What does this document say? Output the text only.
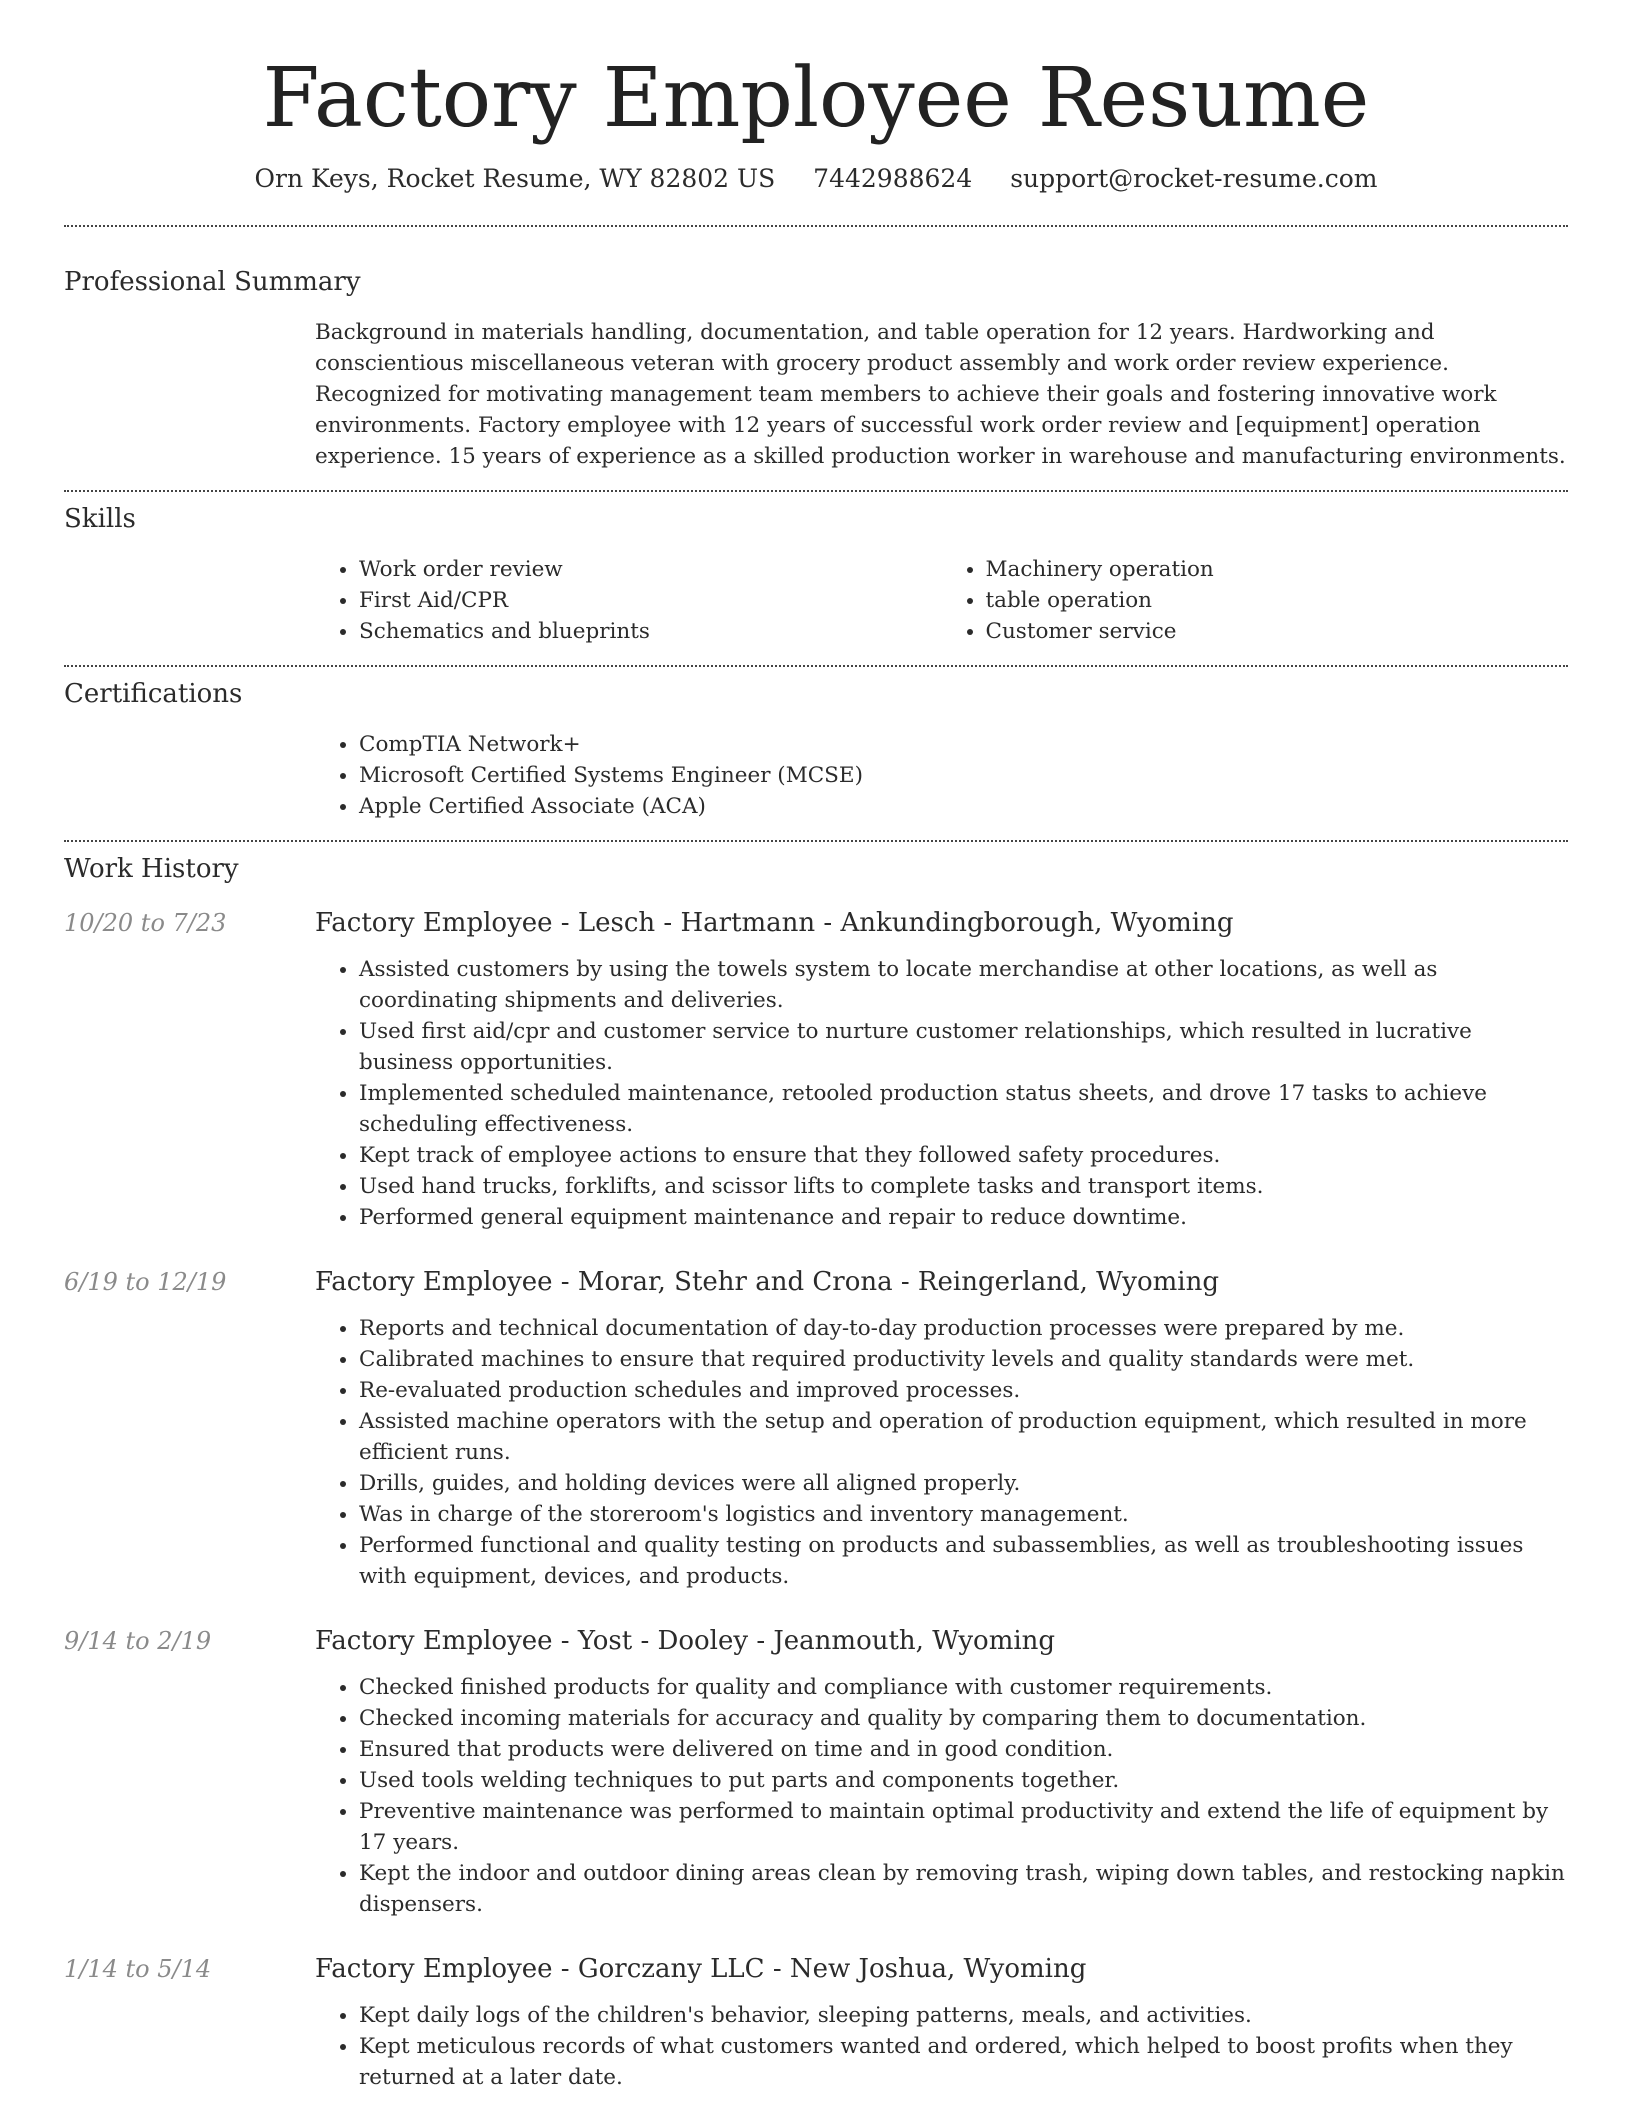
Factory Employee Resume
Orn Keys, Rocket Resume, WY 82802 US 7442988624 support@rocket-resume.com
Professional Summary

Background in materials handling, documentation, and table operation for 12 years. Hardworking and conscientious miscellaneous veteran with grocery product assembly and work order review experience. Recognized for motivating management team members to achieve their goals and fostering innovative work environments. Factory employee with 12 years of successful work order review and [equipment] operation experience. 15 years of experience as a skilled production worker in warehouse and manufacturing environments.

Skills
• Work order review
• First Aid/CPR
• Schematics and blueprints
• Machinery operation
• table operation
• Customer service
Certifications
• CompTIA Network+
• Microsoft Certified Systems Engineer (MCSE)
• Apple Certified Associate (ACA)
Work History
10/20 to 7/23	Factory Employee - Lesch - Hartmann - Ankundingborough, Wyoming
• Assisted customers by using the towels system to locate merchandise at other locations, as well as coordinating shipments and deliveries.
• Used first aid/cpr and customer service to nurture customer relationships, which resulted in lucrative business opportunities.
• Implemented scheduled maintenance, retooled production status sheets, and drove 17 tasks to achieve scheduling effectiveness.
• Kept track of employee actions to ensure that they followed safety procedures.
• Used hand trucks, forklifts, and scissor lifts to complete tasks and transport items.
• Performed general equipment maintenance and repair to reduce downtime.
6/19 to 12/19	Factory Employee - Morar, Stehr and Crona - Reingerland, Wyoming
• Reports and technical documentation of day-to-day production processes were prepared by me.
• Calibrated machines to ensure that required productivity levels and quality standards were met.
• Re-evaluated production schedules and improved processes.
• Assisted machine operators with the setup and operation of production equipment, which resulted in more efficient runs.
• Drills, guides, and holding devices were all aligned properly.
• Was in charge of the storeroom's logistics and inventory management.
• Performed functional and quality testing on products and subassemblies, as well as troubleshooting issues with equipment, devices, and products.
9/14 to 2/19	Factory Employee - Yost - Dooley - Jeanmouth, Wyoming
• Checked finished products for quality and compliance with customer requirements.
• Checked incoming materials for accuracy and quality by comparing them to documentation.
• Ensured that products were delivered on time and in good condition.
• Used tools welding techniques to put parts and components together.
• Preventive maintenance was performed to maintain optimal productivity and extend the life of equipment by 17 years.
• Kept the indoor and outdoor dining areas clean by removing trash, wiping down tables, and restocking napkin dispensers.
1/14 to 5/14	Factory Employee - Gorczany LLC - New Joshua, Wyoming
• Kept daily logs of the children's behavior, sleeping patterns, meals, and activities.
• Kept meticulous records of what customers wanted and ordered, which helped to boost profits when they returned at a later date.
